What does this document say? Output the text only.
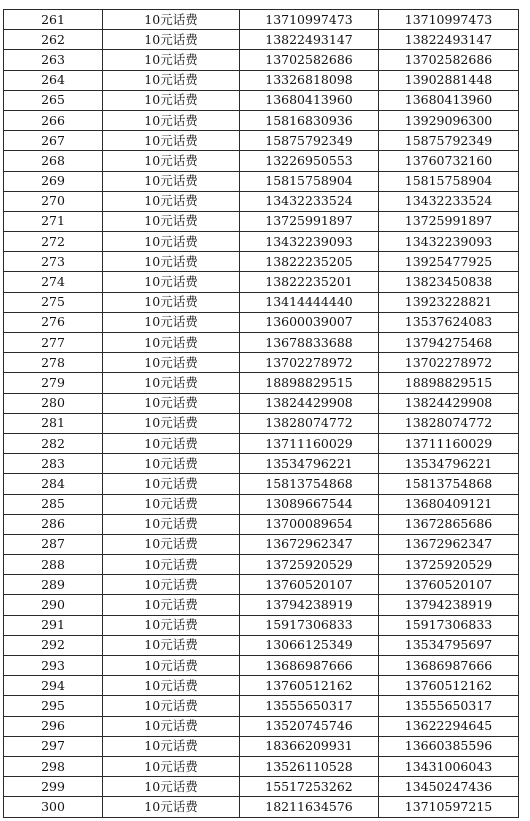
261	10元话费	13710997473	13710997473
262	10元话费	13822493147	13822493147
263	10元话费	13702582686	13702582686
264	10元话费	13326818098	13902881448
265	10元话费	13680413960	13680413960
266	10元话费	15816830936	13929096300
267	10元话费	15875792349	15875792349
268	10元话费	13226950553	13760732160
269	10元话费	15815758904	15815758904
270	10元话费	13432233524	13432233524
271	10元话费	13725991897	13725991897
272	10元话费	13432239093	13432239093
273	10元话费	13822235205	13925477925
274	10元话费	13822235201	13823450838
275	10元话费	13414444440	13923228821
276	10元话费	13600039007	13537624083
277	10元话费	13678833688	13794275468
278	10元话费	13702278972	13702278972
279	10元话费	18898829515	18898829515
280	10元话费	13824429908	13824429908
281	10元话费	13828074772	13828074772
282	10元话费	13711160029	13711160029
283	10元话费	13534796221	13534796221
284	10元话费	15813754868	15813754868
285	10元话费	13089667544	13680409121
286	10元话费	13700089654	13672865686
287	10元话费	13672962347	13672962347
288	10元话费	13725920529	13725920529
289	10元话费	13760520107	13760520107
290	10元话费	13794238919	13794238919
291	10元话费	15917306833	15917306833
292	10元话费	13066125349	13534795697
293	10元话费	13686987666	13686987666
294	10元话费	13760512162	13760512162
295	10元话费	13555650317	13555650317
296	10元话费	13520745746	13622294645
297	10元话费	18366209931	13660385596
298	10元话费	13526110528	13431006043
299	10元话费	15517253262	13450247436
300	10元话费	18211634576	13710597215
